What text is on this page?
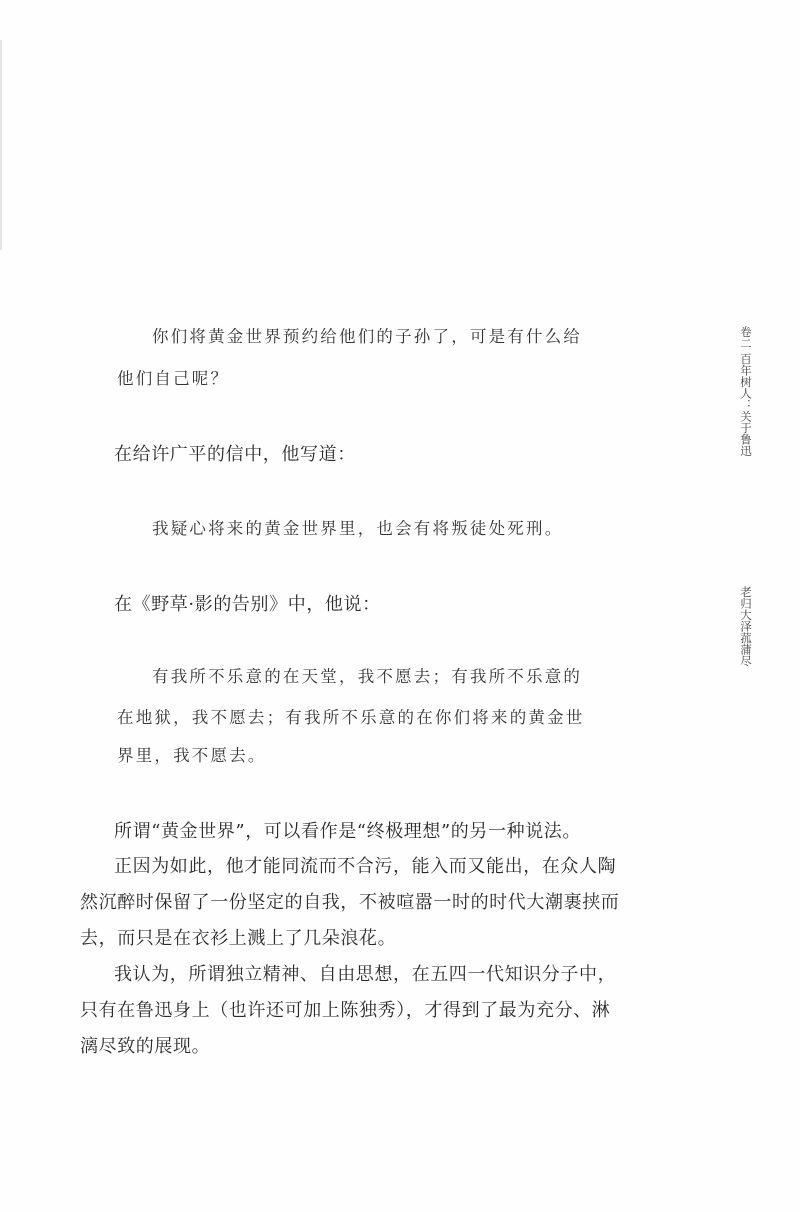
你们将黄金世界预约给他们的子孙了，可是有什么给
他们自己呢？
在给许广平的信中，他写道：
我疑心将来的黄金世界里，也会有将叛徒处死刑。
在《野草·影的告别》中，他说：
有我所不乐意的在天堂，我不愿去；有我所不乐意的
在地狱，我不愿去；有我所不乐意的在你们将来的黄金世
界里，我不愿去。
所谓“黄金世界”，可以看作是“终极理想”的另一种说法。
正因为如此，他才能同流而不合污，能入而又能出，在众人陶
然沉醉时保留了一份坚定的自我，不被喧嚣一时的时代大潮裹挟而
去，而只是在衣衫上溅上了几朵浪花。
我认为，所谓独立精神、自由思想，在五四一代知识分子中，
只有在鲁迅身上（也许还可加上陈独秀），才得到了最为充分、淋
漓尽致的展现。
卷二 百年树人：关于鲁迅
老归大泽菰蒲尽
